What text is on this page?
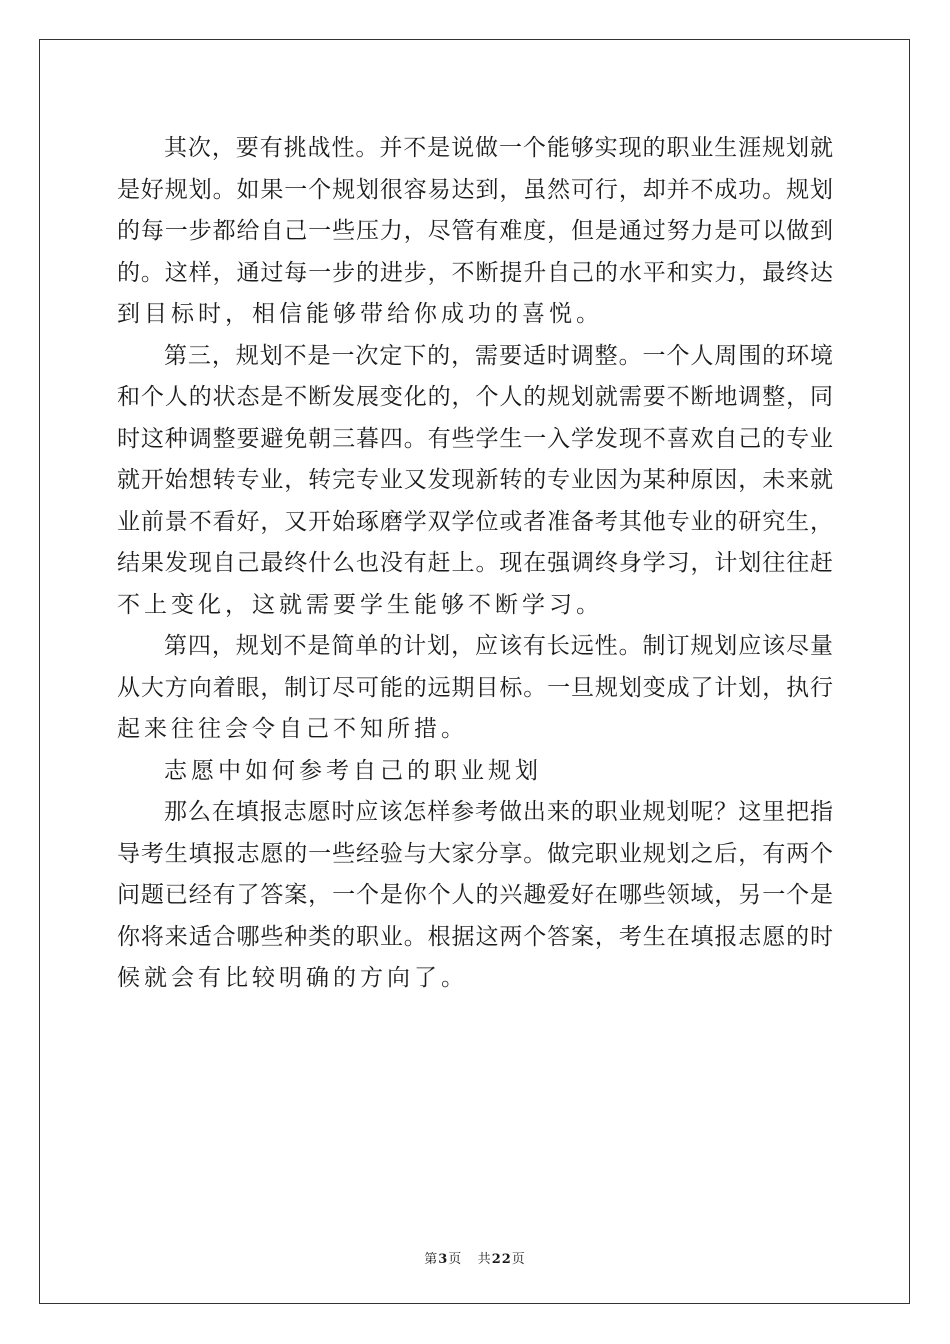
其次，要有挑战性。并不是说做一个能够实现的职业生涯规划就
是好规划。如果一个规划很容易达到，虽然可行，却并不成功。规划
的每一步都给自己一些压力，尽管有难度，但是通过努力是可以做到
的。这样，通过每一步的进步，不断提升自己的水平和实力，最终达
到目标时，相信能够带给你成功的喜悦。
第三，规划不是一次定下的，需要适时调整。一个人周围的环境
和个人的状态是不断发展变化的，个人的规划就需要不断地调整，同
时这种调整要避免朝三暮四。有些学生一入学发现不喜欢自己的专业
就开始想转专业，转完专业又发现新转的专业因为某种原因，未来就
业前景不看好，又开始琢磨学双学位或者准备考其他专业的研究生，
结果发现自己最终什么也没有赶上。现在强调终身学习，计划往往赶
不上变化，这就需要学生能够不断学习。
第四，规划不是简单的计划，应该有长远性。制订规划应该尽量
从大方向着眼，制订尽可能的远期目标。一旦规划变成了计划，执行
起来往往会令自己不知所措。
志愿中如何参考自己的职业规划
那么在填报志愿时应该怎样参考做出来的职业规划呢？这里把指
导考生填报志愿的一些经验与大家分享。做完职业规划之后，有两个
问题已经有了答案，一个是你个人的兴趣爱好在哪些领域，另一个是
你将来适合哪些种类的职业。根据这两个答案，考生在填报志愿的时
候就会有比较明确的方向了。
第3页 共22页
